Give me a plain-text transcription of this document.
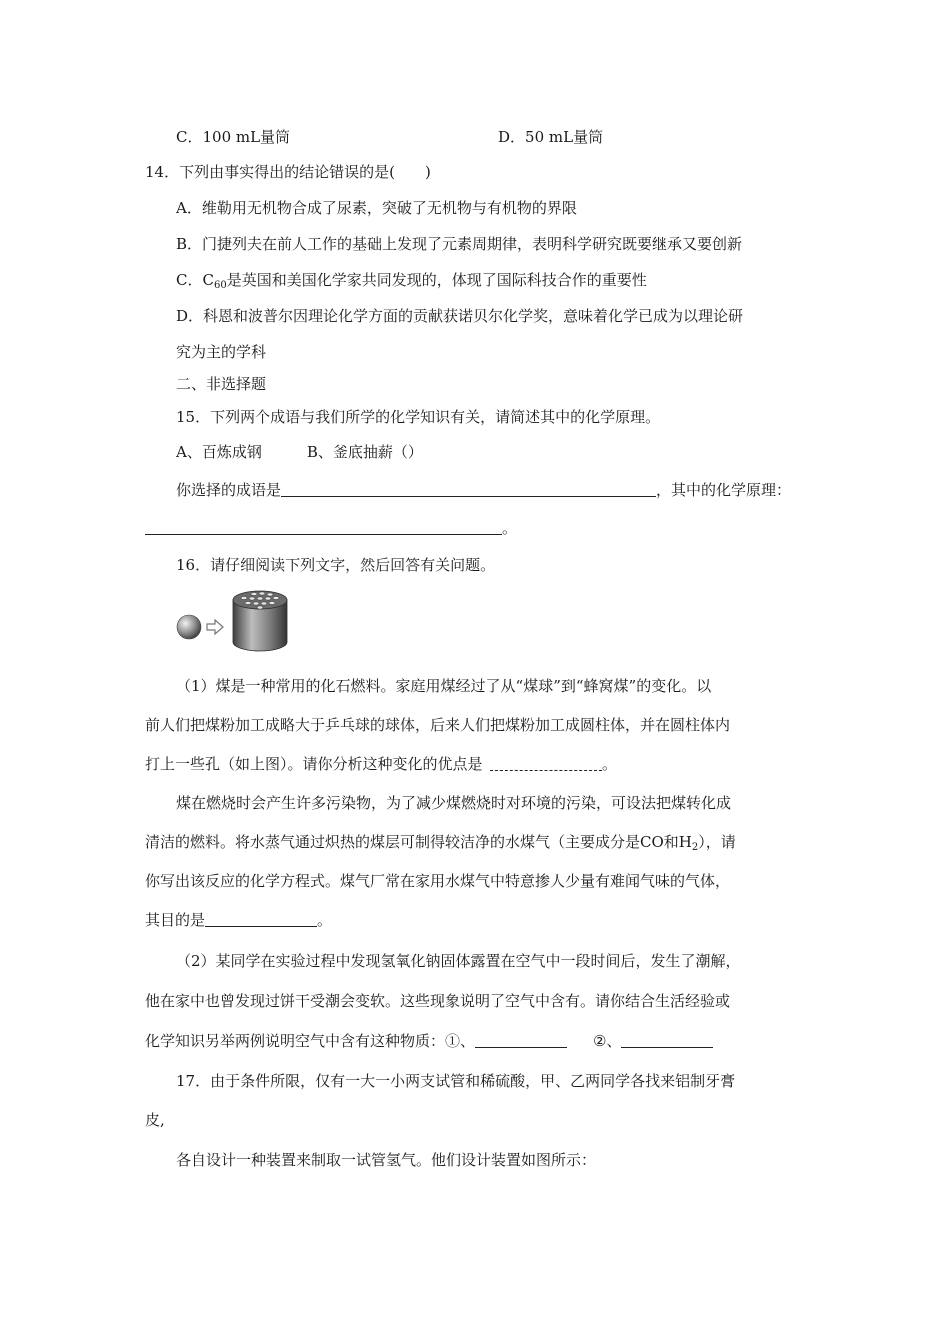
C．100 mL量筒	D．50 mL量筒
14．下列由事实得出的结论错误的是(　　)
A．维勒用无机物合成了尿素，突破了无机物与有机物的界限
B．门捷列夫在前人工作的基础上发现了元素周期律，表明科学研究既要继承又要创新
C．$C_{60}$是英国和美国化学家共同发现的，体现了国际科技合作的重要性
D．科恩和波普尔因理论化学方面的贡献获诺贝尔化学奖，意味着化学已成为以理论研
究为主的学科
二、非选择题
15．下列两个成语与我们所学的化学知识有关，请简述其中的化学原理。
A、百炼成钢　　　B、釜底抽薪（）
你选择的成语是	，其中的化学原理：
。
16．请仔细阅读下列文字，然后回答有关问题。
（1）煤是一种常用的化石燃料。家庭用煤经过了从“煤球”到“蜂窝煤”的变化。以
前人们把煤粉加工成略大于乒乓球的球体，后来人们把煤粉加工成圆柱体，并在圆柱体内
打上一些孔（如上图）。请你分析这种变化的优点是 	。
煤在燃烧时会产生许多污染物，为了减少煤燃烧时对环境的污染，可设法把煤转化成
清洁的燃料。将水蒸气通过炽热的煤层可制得较洁净的水煤气（主要成分是CO和$H_2$），请
你写出该反应的化学方程式。煤气厂常在家用水煤气中特意掺人少量有难闻气味的气体，
其目的是	。
（2）某同学在实验过程中发现氢氧化钠固体露置在空气中一段时间后，发生了潮解，
他在家中也曾发现过饼干受潮会变软。这些现象说明了空气中含有。请你结合生活经验或
化学知识另举两例说明空气中含有这种物质：①、	②、
17．由于条件所限，仅有一大一小两支试管和稀硫酸，甲、乙两同学各找来铝制牙膏
皮,
各自设计一种装置来制取一试管氢气。他们设计装置如图所示：
